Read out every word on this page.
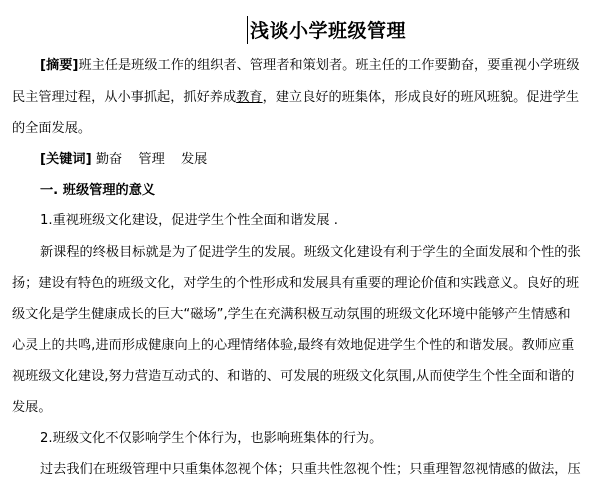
浅谈小学班级管理
[摘要]班主任是班级工作的组织者、管理者和策划者。班主任的工作要勤奋，要重视小学班级
民主管理过程，从小事抓起，抓好养成教育，建立良好的班集体，形成良好的班风班貌。促进学生
的全面发展。
[关键词] 勤奋 管理 发展
一. 班级管理的意义
1.重视班级文化建设，促进学生个性全面和谐发展 .
新课程的终极目标就是为了促进学生的发展。班级文化建设有利于学生的全面发展和个性的张
扬；建设有特色的班级文化，对学生的个性形成和发展具有重要的理论价值和实践意义。良好的班
级文化是学生健康成长的巨大“磁场”,学生在充满积极互动氛围的班级文化环境中能够产生情感和
心灵上的共鸣,进而形成健康向上的心理情绪体验,最终有效地促进学生个性的和谐发展。教师应重
视班级文化建设,努力营造互动式的、和谐的、可发展的班级文化氛围,从而使学生个性全面和谐的
发展。
2.班级文化不仅影响学生个体行为，也影响班集体的行为。
过去我们在班级管理中只重集体忽视个体；只重共性忽视个性；只重理智忽视情感的做法，压
